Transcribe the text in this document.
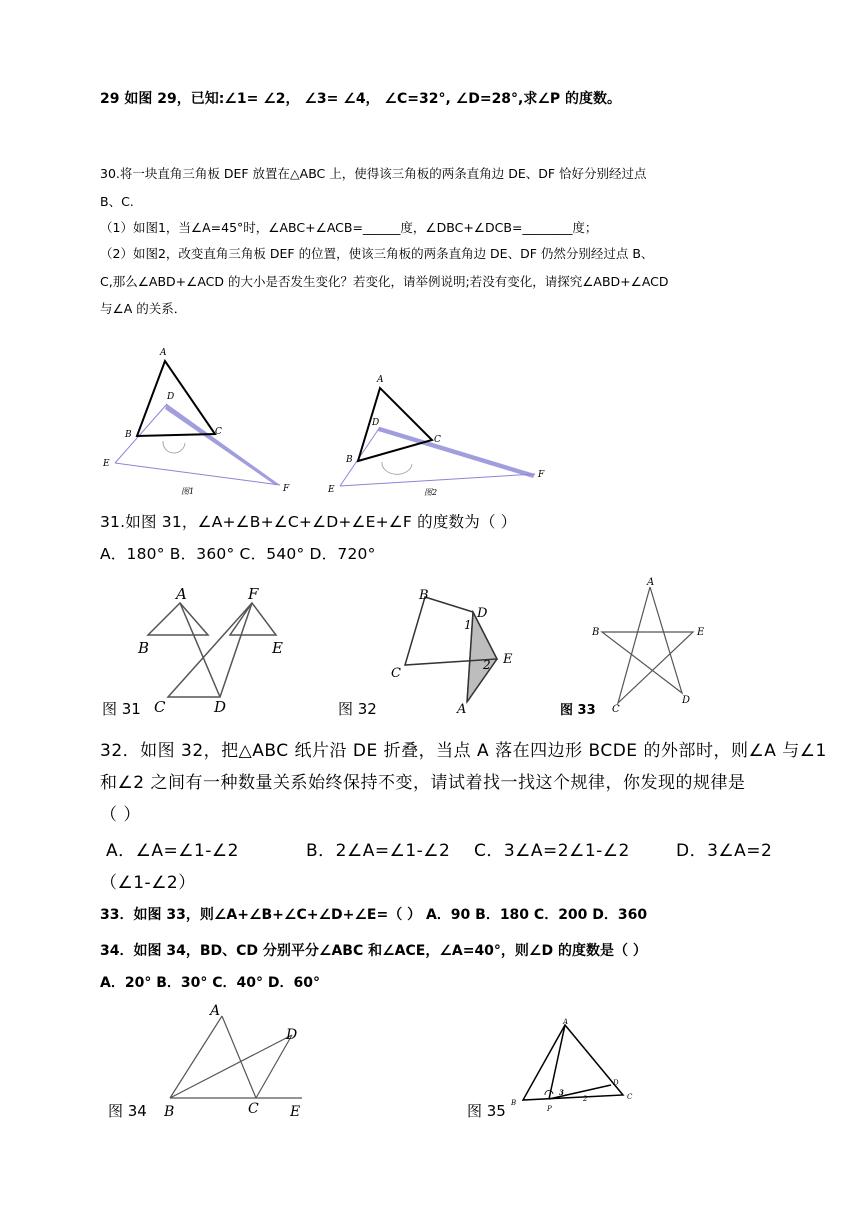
29 如图 29，已知:∠1= ∠2， ∠3= ∠4， ∠C=32°, ∠D=28°,求∠P 的度数。
30.将一块直角三角板 DEF 放置在△ABC 上，使得该三角板的两条直角边 DE、DF 恰好分别经过点
B、C.
（1）如图1，当∠A=45°时，∠ABC+∠ACB=______度，∠DBC+∠DCB=________度；
（2）如图2，改变直角三角板 DEF 的位置，使该三角板的两条直角边 DE、DF 仍然分别经过点 B、
C,那么∠ABD+∠ACD 的大小是否发生变化？若变化，请举例说明;若没有变化，请探究∠ABD+∠ACD
与∠A 的关系．
A
D
B	C
E
F
图1
A
D
B
C
E
F
图2
31.如图 31，∠A+∠B+∠C+∠D+∠E+∠F 的度数为（ ）
A．180° B．360° C．540° D．720°
A	F
B	E
C	D
图 31
B
D
1
2 E
C
A
图 32
A
B	E
C
D
图 33
32．如图 32，把△ABC 纸片沿 DE 折叠，当点 A 落在四边形 BCDE 的外部时，则∠A 与∠1
和∠2 之间有一种数量关系始终保持不变，请试着找一找这个规律，你发现的规律是
（ ）
A．∠A=∠1-∠2	B．2∠A=∠1-∠2 C．3∠A=2∠1-∠2	D．3∠A=2
（∠1-∠2）
33．如图 33，则∠A+∠B+∠C+∠D+∠E=（ ） A．90 B．180 C．200 D．360
34．如图 34，BD、CD 分别平分∠ABC 和∠ACE，∠A=40°，则∠D 的度数是（ ）
A．20° B．30° C．40° D．60°
A
D
B	C E
图 34
A
D
C
B
P
3
2
图 35
